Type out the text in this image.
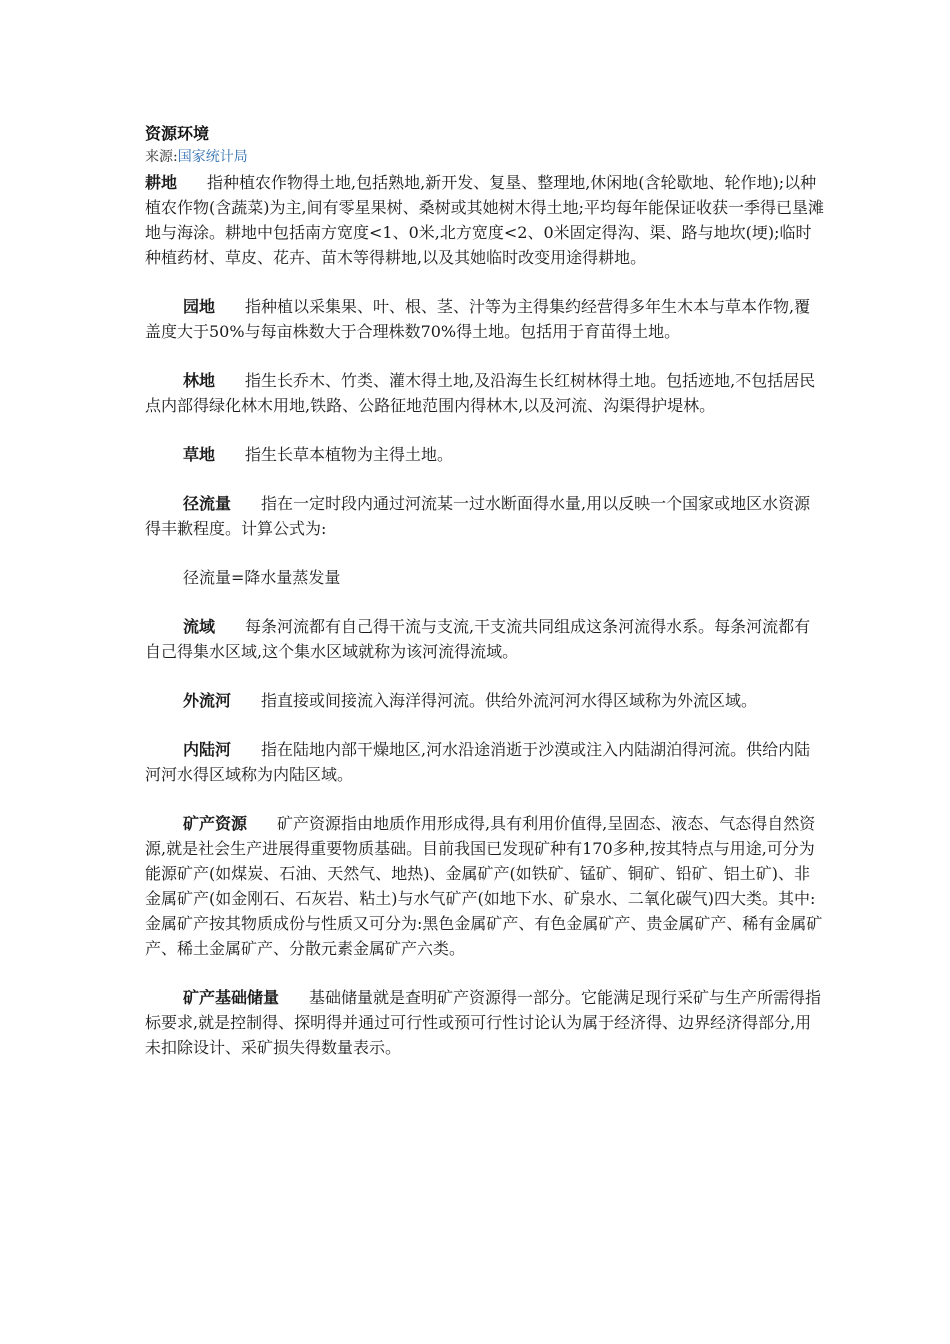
资源环境

来源:国家统计局

耕地 指种植农作物得土地,包括熟地,新开发、复垦、整理地,休闲地(含轮歇地、轮作地);以种植农作物(含蔬菜)为主,间有零星果树、桑树或其她树木得土地;平均每年能保证收获一季得已垦滩地与海涂。耕地中包括南方宽度<1、0米,北方宽度<2、0米固定得沟、渠、路与地坎(埂);临时种植药材、草皮、花卉、苗木等得耕地,以及其她临时改变用途得耕地。

园地 指种植以采集果、叶、根、茎、汁等为主得集约经营得多年生木本与草本作物,覆盖度大于50%与每亩株数大于合理株数70%得土地。包括用于育苗得土地。

林地 指生长乔木、竹类、灌木得土地,及沿海生长红树林得土地。包括迹地,不包括居民点内部得绿化林木用地,铁路、公路征地范围内得林木,以及河流、沟渠得护堤林。

草地 指生长草本植物为主得土地。

径流量 指在一定时段内通过河流某一过水断面得水量,用以反映一个国家或地区水资源得丰歉程度。计算公式为:

径流量=降水量蒸发量

流域 每条河流都有自己得干流与支流,干支流共同组成这条河流得水系。每条河流都有自己得集水区域,这个集水区域就称为该河流得流域。

外流河 指直接或间接流入海洋得河流。供给外流河河水得区域称为外流区域。

内陆河 指在陆地内部干燥地区,河水沿途消逝于沙漠或注入内陆湖泊得河流。供给内陆河河水得区域称为内陆区域。

矿产资源 矿产资源指由地质作用形成得,具有利用价值得,呈固态、液态、气态得自然资源,就是社会生产进展得重要物质基础。目前我国已发现矿种有170多种,按其特点与用途,可分为能源矿产(如煤炭、石油、天然气、地热)、金属矿产(如铁矿、锰矿、铜矿、铅矿、铝土矿)、非金属矿产(如金刚石、石灰岩、粘土)与水气矿产(如地下水、矿泉水、二氧化碳气)四大类。其中:金属矿产按其物质成份与性质又可分为:黑色金属矿产、有色金属矿产、贵金属矿产、稀有金属矿产、稀土金属矿产、分散元素金属矿产六类。

矿产基础储量 基础储量就是查明矿产资源得一部分。它能满足现行采矿与生产所需得指标要求,就是控制得、探明得并通过可行性或预可行性讨论认为属于经济得、边界经济得部分,用未扣除设计、采矿损失得数量表示。
